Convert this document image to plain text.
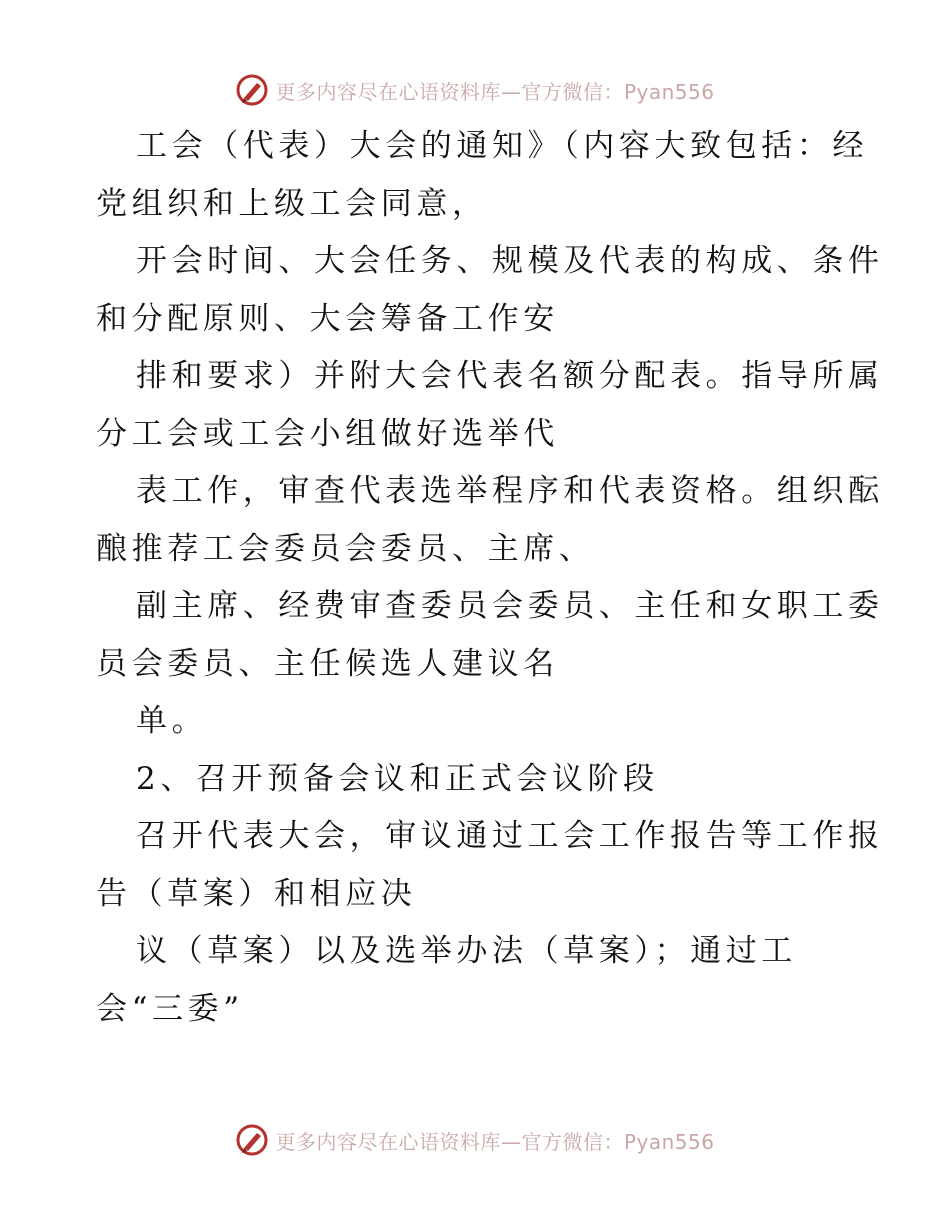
更多内容尽在心语资料库—官方微信：Pyan556
工会（代表）大会的通知》（内容大致包括：经
党组织和上级工会同意，
开会时间、大会任务、规模及代表的构成、条件
和分配原则、大会筹备工作安
排和要求）并附大会代表名额分配表。指导所属
分工会或工会小组做好选举代
表工作，审查代表选举程序和代表资格。组织酝
酿推荐工会委员会委员、主席、
副主席、经费审查委员会委员、主任和女职工委
员会委员、主任候选人建议名
单。
2、召开预备会议和正式会议阶段
召开代表大会，审议通过工会工作报告等工作报
告（草案）和相应决
议（草案）以及选举办法（草案）；通过工
会“三委”
更多内容尽在心语资料库—官方微信：Pyan556
